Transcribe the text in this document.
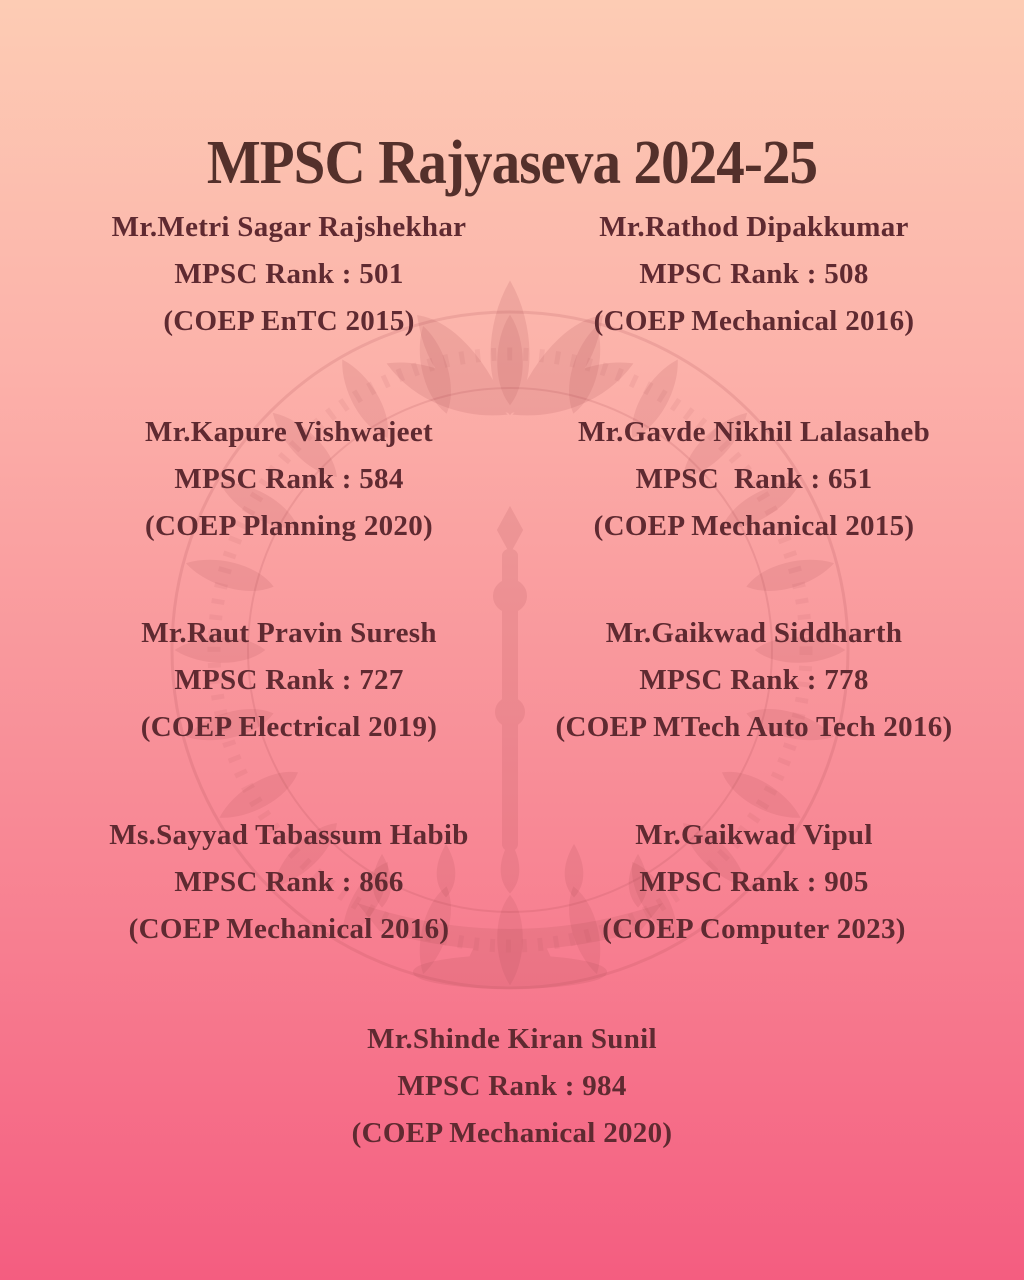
MPSC Rajyaseva 2024-25
Mr.Metri Sagar Rajshekhar
MPSC Rank : 501
(COEP EnTC 2015)
Mr.Rathod Dipakkumar
MPSC Rank : 508
(COEP Mechanical 2016)
Mr.Kapure Vishwajeet
MPSC Rank : 584
(COEP Planning 2020)
Mr.Gavde Nikhil Lalasaheb
MPSC  Rank : 651
(COEP Mechanical 2015)
Mr.Raut Pravin Suresh
MPSC Rank : 727
(COEP Electrical 2019)
Mr.Gaikwad Siddharth
MPSC Rank : 778
(COEP MTech Auto Tech 2016)
Ms.Sayyad Tabassum Habib
MPSC Rank : 866
(COEP Mechanical 2016)
Mr.Gaikwad Vipul
MPSC Rank : 905
(COEP Computer 2023)
Mr.Shinde Kiran Sunil
MPSC Rank : 984
(COEP Mechanical 2020)
